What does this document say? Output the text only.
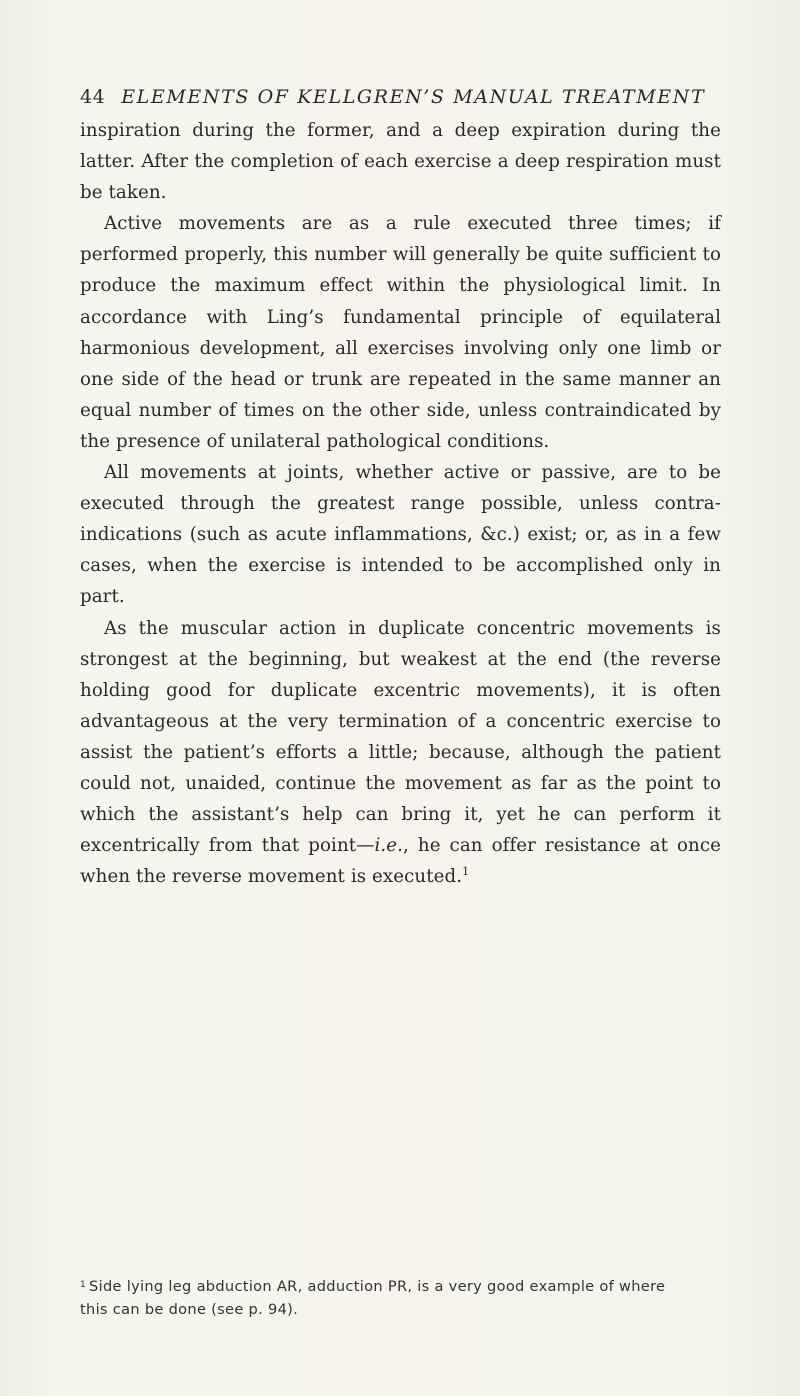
44 ELEMENTS OF KELLGREN’S MANUAL TREATMENT

inspiration during the former, and a deep expiration during the latter. After the completion of each exercise a deep respiration must be taken.

Active movements are as a rule executed three times; if performed properly, this number will generally be quite sufficient to produce the maximum effect within the physiological limit. In accordance with Ling’s fundamental principle of equilateral harmonious development, all exercises involving only one limb or one side of the head or trunk are repeated in the same manner an equal number of times on the other side, unless contraindicated by the presence of unilateral pathological conditions.

All movements at joints, whether active or passive, are to be executed through the greatest range possible, unless contra-indications (such as acute inflammations, &c.) exist; or, as in a few cases, when the exercise is intended to be accomplished only in part.

As the muscular action in duplicate concentric movements is strongest at the beginning, but weakest at the end (the reverse holding good for duplicate excentric movements), it is often advantageous at the very termination of a concentric exercise to assist the patient’s efforts a little; because, although the patient could not, unaided, continue the movement as far as the point to which the assistant’s help can bring it, yet he can perform it excentrically from that point—i.e., he can offer resistance at once when the reverse movement is executed.$^1$

$^1$ Side lying leg abduction AR, adduction PR, is a very good example of where

this can be done (see p. 94).
